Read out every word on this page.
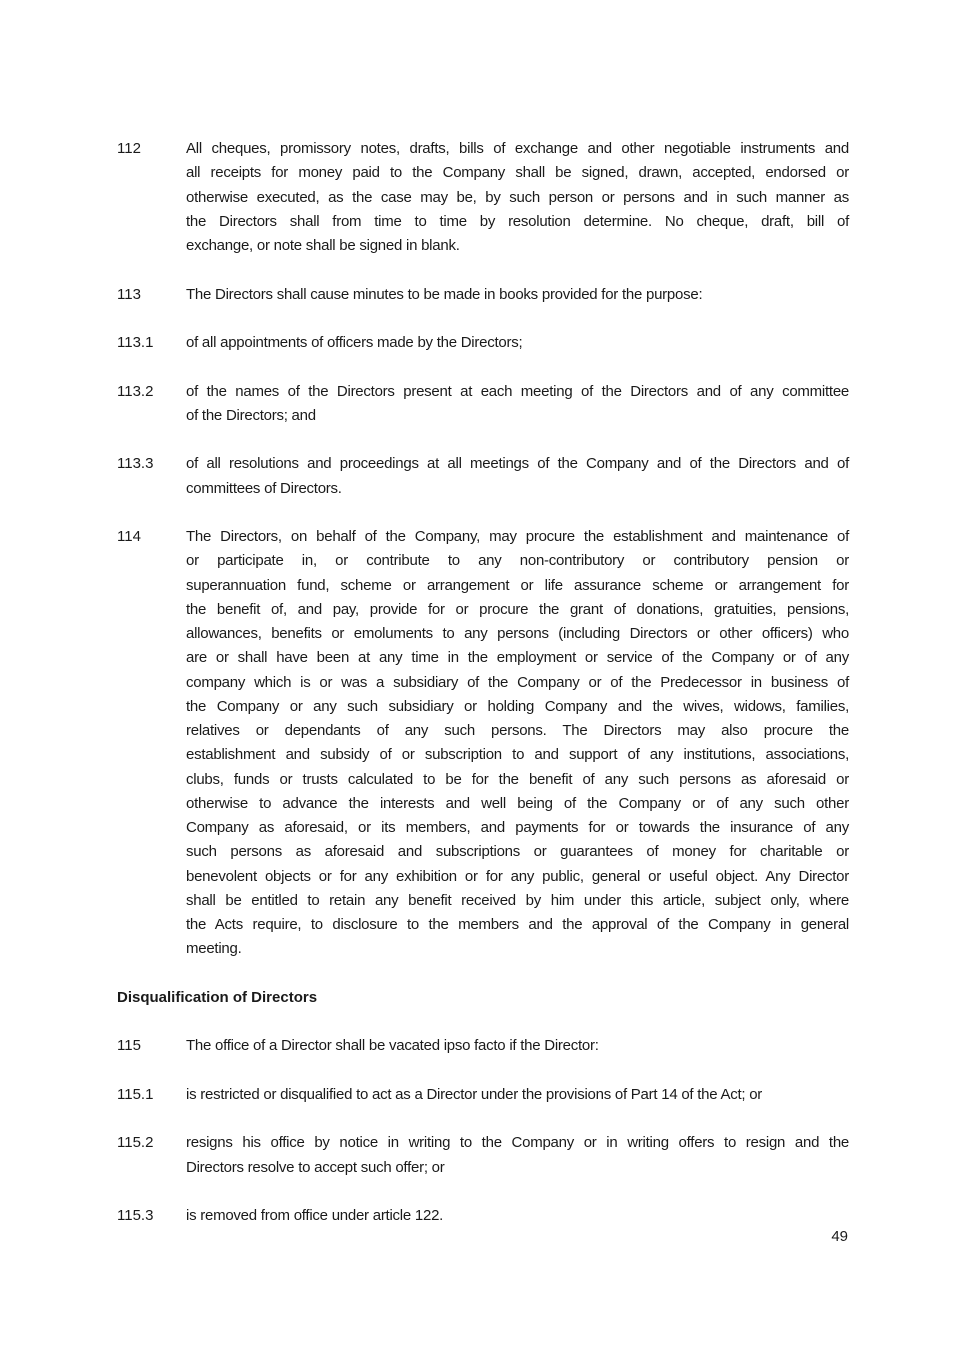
112	All cheques, promissory notes, drafts, bills of exchange and other negotiable instruments and
all receipts for money paid to the Company shall be signed, drawn, accepted, endorsed or
otherwise executed, as the case may be, by such person or persons and in such manner as
the Directors shall from time to time by resolution determine. No cheque, draft, bill of
exchange, or note shall be signed in blank.
113	The Directors shall cause minutes to be made in books provided for the purpose:
113.1	of all appointments of officers made by the Directors;
113.2	of the names of the Directors present at each meeting of the Directors and of any committee
of the Directors; and
113.3	of all resolutions and proceedings at all meetings of the Company and of the Directors and of
committees of Directors.
114	The Directors, on behalf of the Company, may procure the establishment and maintenance of
or participate in, or contribute to any non-contributory or contributory pension or
superannuation fund, scheme or arrangement or life assurance scheme or arrangement for
the benefit of, and pay, provide for or procure the grant of donations, gratuities, pensions,
allowances, benefits or emoluments to any persons (including Directors or other officers) who
are or shall have been at any time in the employment or service of the Company or of any
company which is or was a subsidiary of the Company or of the Predecessor in business of
the Company or any such subsidiary or holding Company and the wives, widows, families,
relatives or dependants of any such persons. The Directors may also procure the
establishment and subsidy of or subscription to and support of any institutions, associations,
clubs, funds or trusts calculated to be for the benefit of any such persons as aforesaid or
otherwise to advance the interests and well being of the Company or of any such other
Company as aforesaid, or its members, and payments for or towards the insurance of any
such persons as aforesaid and subscriptions or guarantees of money for charitable or
benevolent objects or for any exhibition or for any public, general or useful object. Any Director
shall be entitled to retain any benefit received by him under this article, subject only, where
the Acts require, to disclosure to the members and the approval of the Company in general
meeting.
Disqualification of Directors
115	The office of a Director shall be vacated ipso facto if the Director:
115.1	is restricted or disqualified to act as a Director under the provisions of Part 14 of the Act; or
115.2	resigns his office by notice in writing to the Company or in writing offers to resign and the
Directors resolve to accept such offer; or
115.3	is removed from office under article 122.
49
